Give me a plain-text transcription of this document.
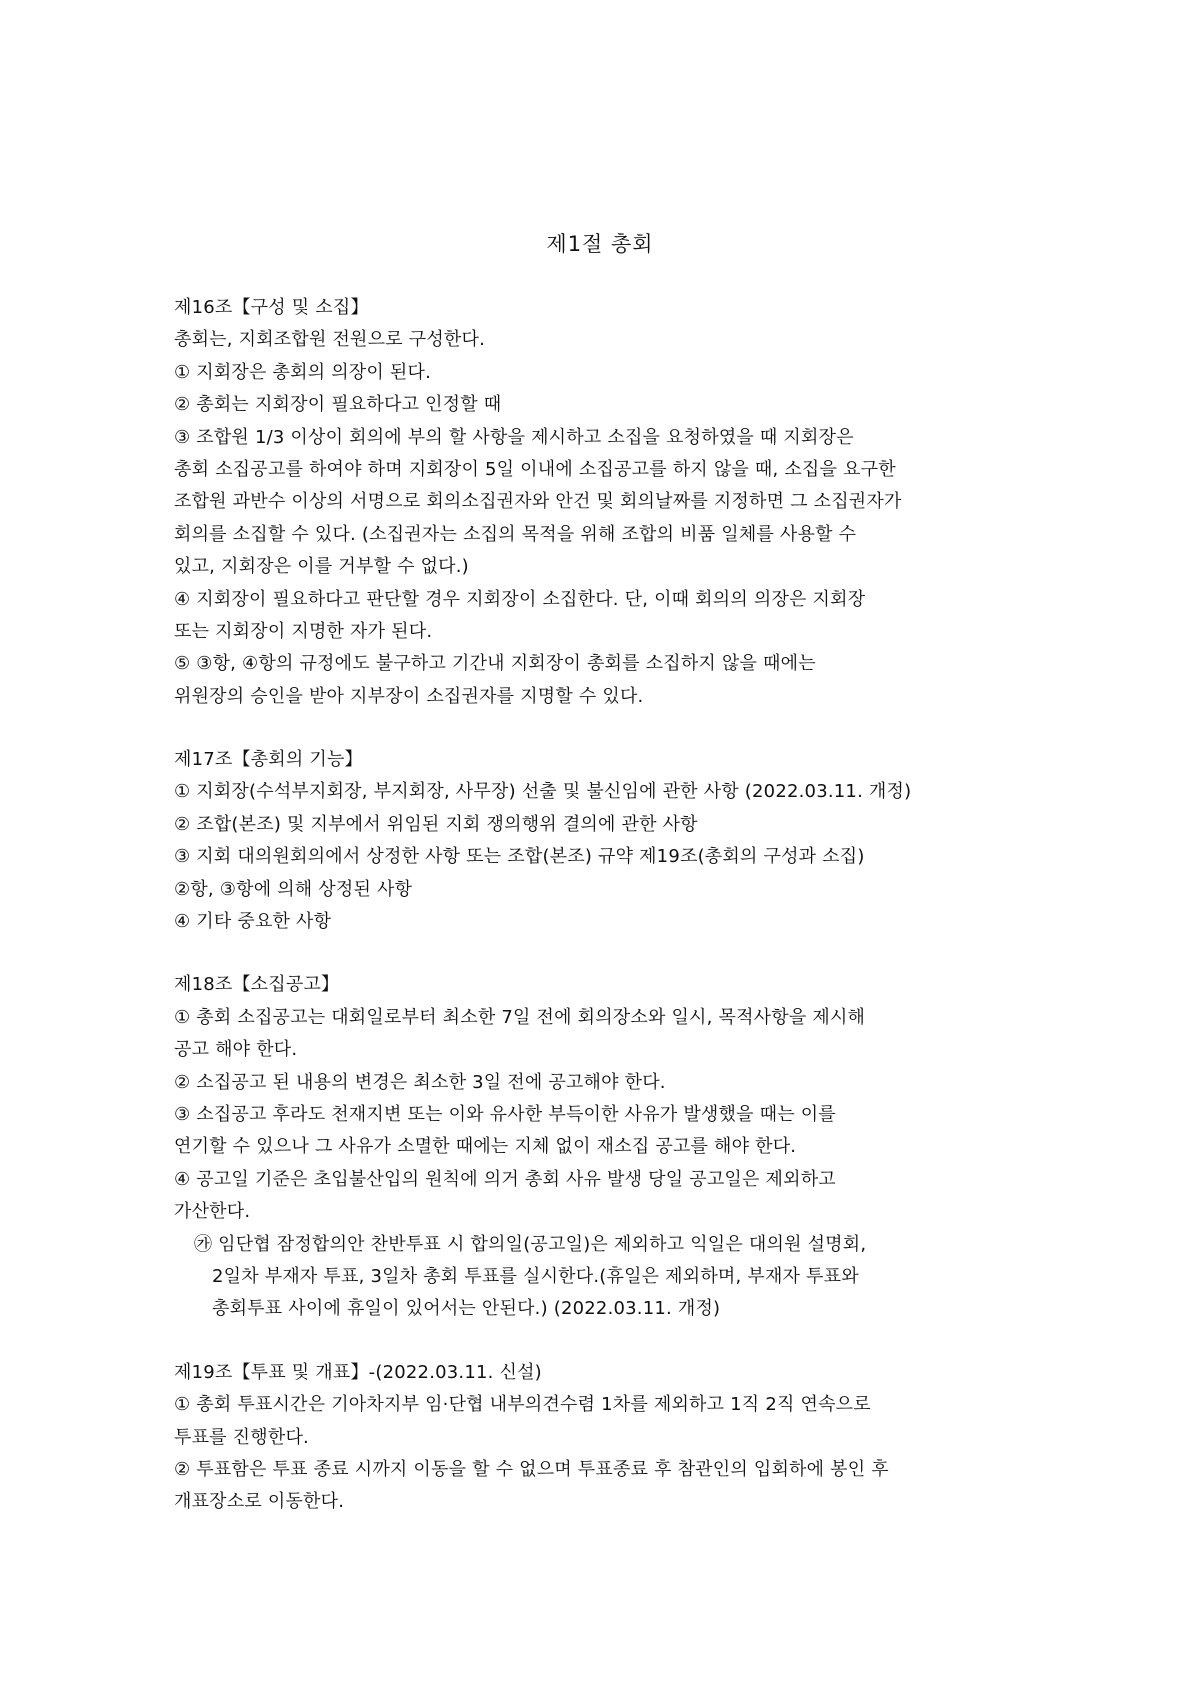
제1절 총회
제16조【구성 및 소집】
총회는, 지회조합원 전원으로 구성한다.
① 지회장은 총회의 의장이 된다.
② 총회는 지회장이 필요하다고 인정할 때
③ 조합원 1/3 이상이 회의에 부의 할 사항을 제시하고 소집을 요청하였을 때 지회장은
총회 소집공고를 하여야 하며 지회장이 5일 이내에 소집공고를 하지 않을 때, 소집을 요구한
조합원 과반수 이상의 서명으로 회의소집권자와 안건 및 회의날짜를 지정하면 그 소집권자가
회의를 소집할 수 있다. (소집권자는 소집의 목적을 위해 조합의 비품 일체를 사용할 수
있고, 지회장은 이를 거부할 수 없다.)
④ 지회장이 필요하다고 판단할 경우 지회장이 소집한다. 단, 이때 회의의 의장은 지회장
또는 지회장이 지명한 자가 된다.
⑤ ③항, ④항의 규정에도 불구하고 기간내 지회장이 총회를 소집하지 않을 때에는
위원장의 승인을 받아 지부장이 소집권자를 지명할 수 있다.
제17조【총회의 기능】
① 지회장(수석부지회장, 부지회장, 사무장) 선출 및 불신임에 관한 사항 (2022.03.11. 개정)
② 조합(본조) 및 지부에서 위임된 지회 쟁의행위 결의에 관한 사항
③ 지회 대의원회의에서 상정한 사항 또는 조합(본조) 규약 제19조(총회의 구성과 소집)
②항, ③항에 의해 상정된 사항
④ 기타 중요한 사항
제18조【소집공고】
① 총회 소집공고는 대회일로부터 최소한 7일 전에 회의장소와 일시, 목적사항을 제시해
공고 해야 한다.
② 소집공고 된 내용의 변경은 최소한 3일 전에 공고해야 한다.
③ 소집공고 후라도 천재지변 또는 이와 유사한 부득이한 사유가 발생했을 때는 이를
연기할 수 있으나 그 사유가 소멸한 때에는 지체 없이 재소집 공고를 해야 한다.
④ 공고일 기준은 초입불산입의 원칙에 의거 총회 사유 발생 당일 공고일은 제외하고
가산한다.
㉮ 임단협 잠정합의안 찬반투표 시 합의일(공고일)은 제외하고 익일은 대의원 설명회,
2일차 부재자 투표, 3일차 총회 투표를 실시한다.(휴일은 제외하며, 부재자 투표와
총회투표 사이에 휴일이 있어서는 안된다.) (2022.03.11. 개정)
제19조【투표 및 개표】-(2022.03.11. 신설)
① 총회 투표시간은 기아차지부 임·단협 내부의견수렴 1차를 제외하고 1직 2직 연속으로
투표를 진행한다.
② 투표함은 투표 종료 시까지 이동을 할 수 없으며 투표종료 후 참관인의 입회하에 봉인 후
개표장소로 이동한다.
